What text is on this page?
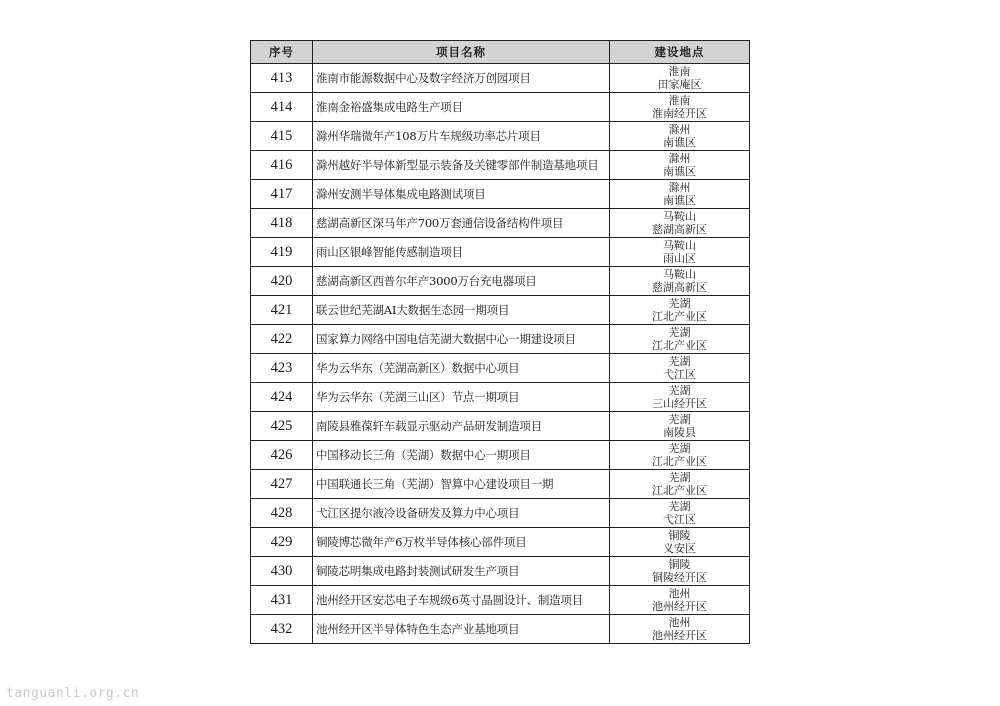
序号	项目名称	建设地点
413	淮南市能源数据中心及数字经济万创园项目	淮南
田家庵区

414	淮南金裕盛集成电路生产项目	淮南
淮南经开区

415	滁州华瑞微年产108万片车规级功率芯片项目	滁州
南谯区

416	滁州越好半导体新型显示装备及关键零部件制造基地项目	滁州
南谯区

417	滁州安测半导体集成电路测试项目	滁州
南谯区

418	慈湖高新区深马年产700万套通信设备结构件项目	马鞍山
慈湖高新区

419	雨山区银峰智能传感制造项目	马鞍山
雨山区

420	慈湖高新区西普尔年产3000万台充电器项目	马鞍山
慈湖高新区

421	联云世纪芜湖AI大数据生态园一期项目	芜湖
江北产业区

422	国家算力网络中国电信芜湖大数据中心一期建设项目	芜湖
江北产业区

423	华为云华东（芜湖高新区）数据中心项目	芜湖
弋江区

424	华为云华东（芜湖三山区）节点一期项目	芜湖
三山经开区

425	南陵县雅葆轩车载显示驱动产品研发制造项目	芜湖
南陵县

426	中国移动长三角（芜湖）数据中心一期项目	芜湖
江北产业区

427	中国联通长三角（芜湖）智算中心建设项目一期	芜湖
江北产业区

428	弋江区提尔液冷设备研发及算力中心项目	芜湖
弋江区

429	铜陵博芯微年产6万枚半导体核心部件项目	铜陵
义安区

430	铜陵芯明集成电路封装测试研发生产项目	铜陵
铜陵经开区

431	池州经开区安芯电子车规级6英寸晶圆设计、制造项目	池州
池州经开区

432	池州经开区半导体特色生态产业基地项目	池州
池州经开区
tanguanli.org.cn
